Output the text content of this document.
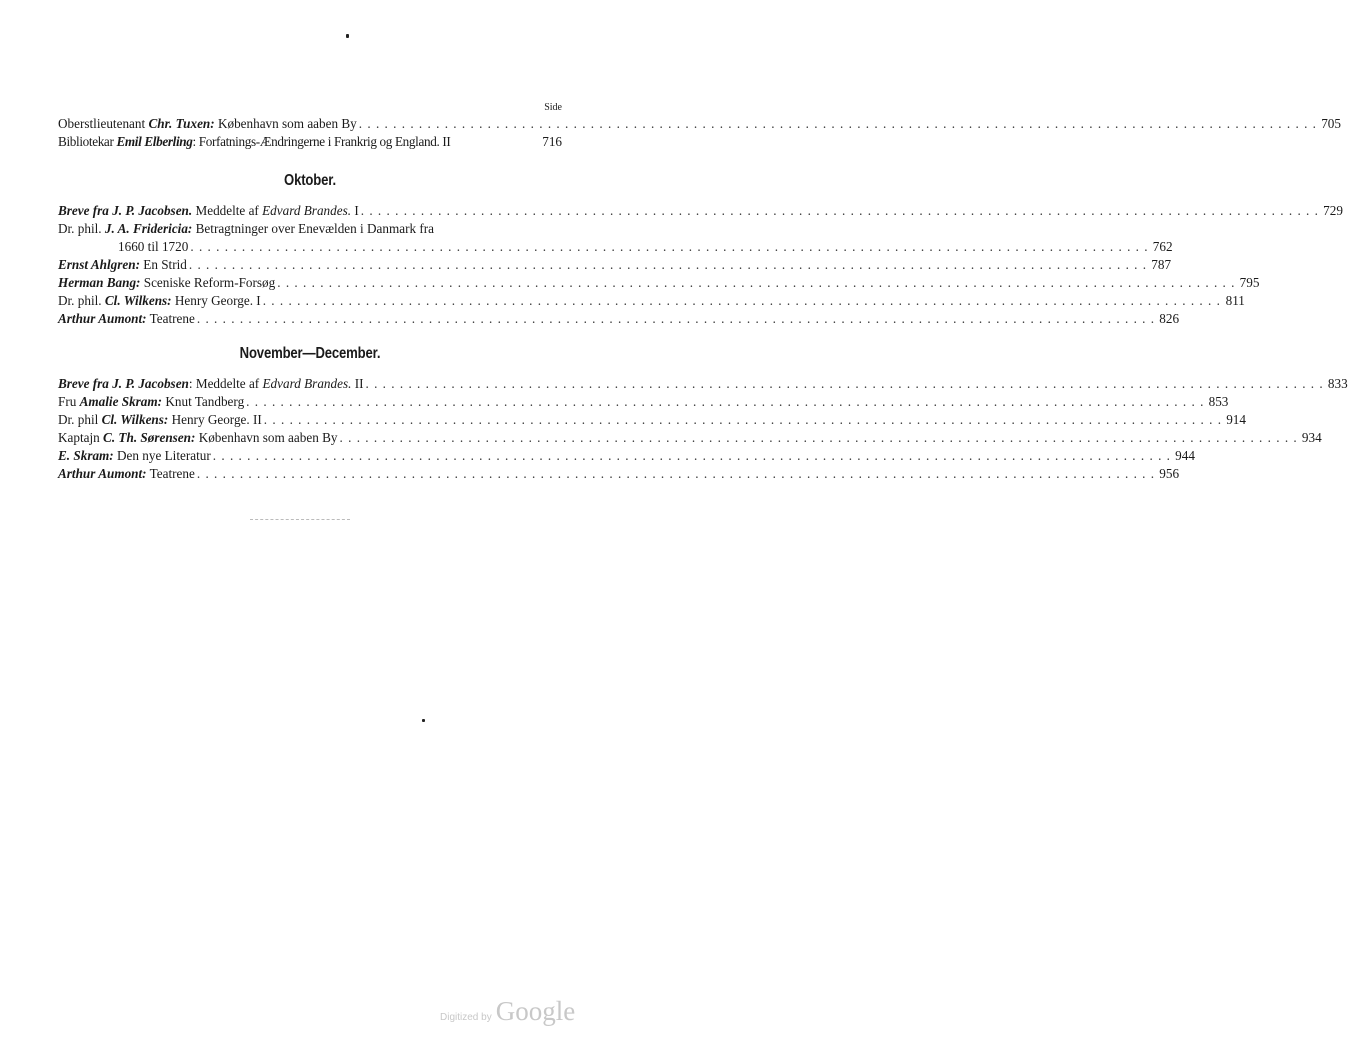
Side
Oberstlieutenant Chr. Tuxen: København som aaben By . . .	705
Bibliotekar Emil Elberling: Forfatnings-Ændringerne i Frankrig og England. II	716
Oktober.
Breve fra J. P. Jacobsen. Meddelte af Edvard Brandes. I . . .	729
Dr. phil. J. A. Fridericia: Betragtninger over Enevælden i Danmark fra
1660 til 1720 . . .	762
Ernst Ahlgren: En Strid . . .	787
Herman Bang: Sceniske Reform-Forsøg . . .	795
Dr. phil. Cl. Wilkens: Henry George. I . . .	811
Arthur Aumont: Teatrene . . .	826
November—December.
Breve fra J. P. Jacobsen: Meddelte af Edvard Brandes. II . . .	833
Fru Amalie Skram: Knut Tandberg . . .	853
Dr. phil Cl. Wilkens: Henry George. II . . .	914
Kaptajn C. Th. Sørensen: København som aaben By . . .	934
E. Skram: Den nye Literatur . . .	944
Arthur Aumont: Teatrene . . .	956
Digitized by Google
